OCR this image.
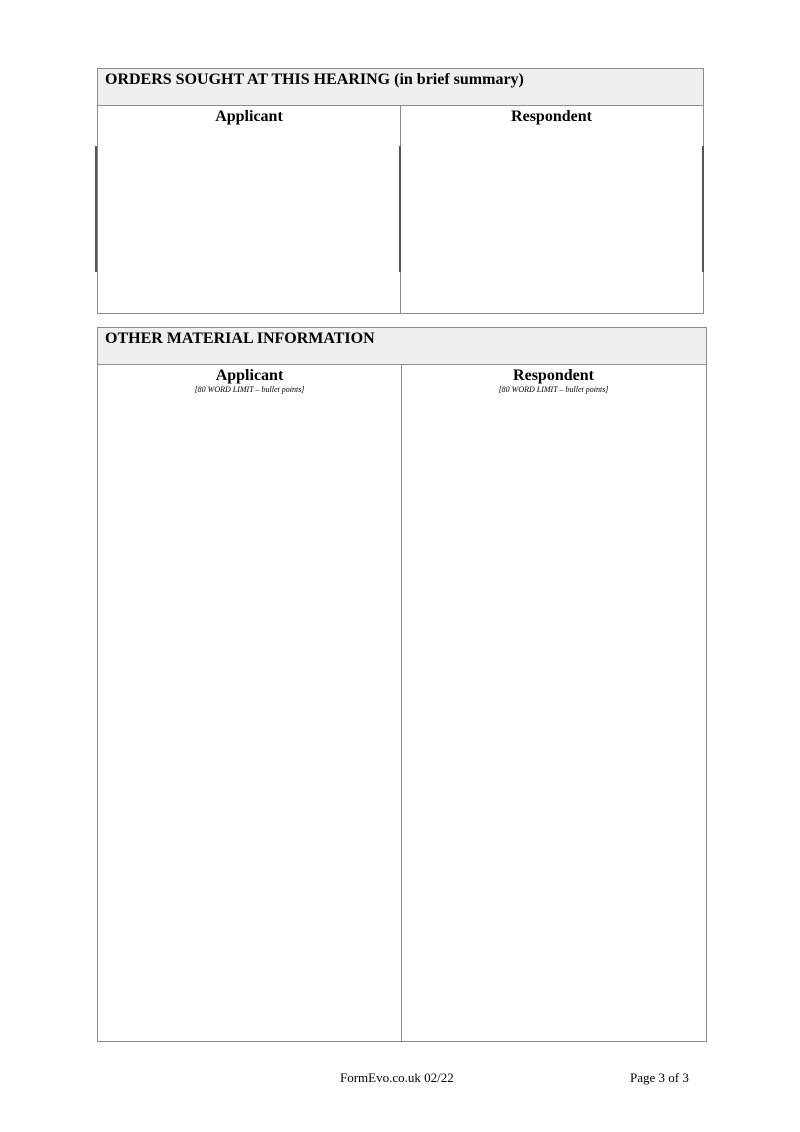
ORDERS SOUGHT AT THIS HEARING (in brief summary)
Applicant	Respondent
OTHER MATERIAL INFORMATION
Applicant
[80 WORD LIMIT – bullet points]
Respondent
[80 WORD LIMIT – bullet points]
FormEvo.co.uk 02/22	Page 3 of 3
